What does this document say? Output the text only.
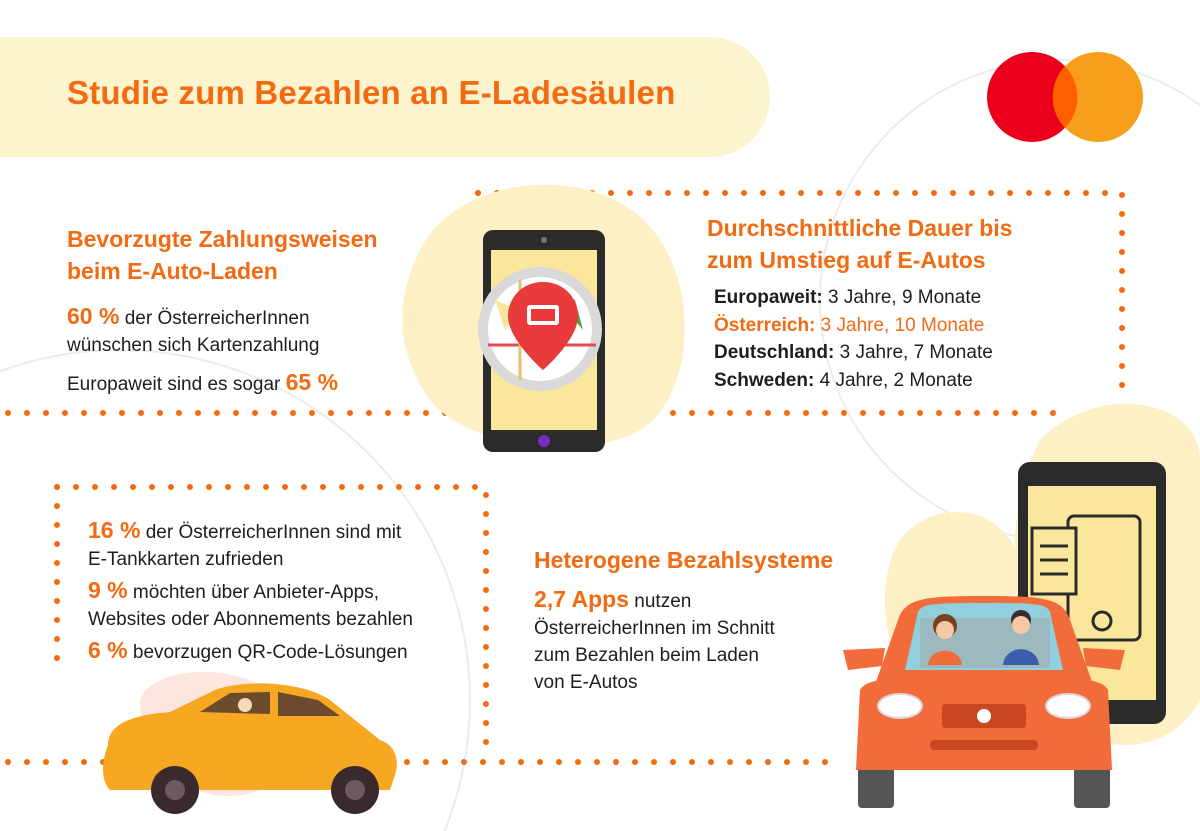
Studie zum Bezahlen an E-Ladesäulen
Bevorzugte Zahlungsweisen
beim E-Auto-Laden
60 % der ÖsterreicherInnen
wünschen sich Kartenzahlung
Europaweit sind es sogar 65 %
Durchschnittliche Dauer bis
zum Umstieg auf E-Autos
Europaweit: 3 Jahre, 9 Monate
Österreich: 3 Jahre, 10 Monate
Deutschland: 3 Jahre, 7 Monate
Schweden: 4 Jahre, 2 Monate
16 % der ÖsterreicherInnen sind mit
E-Tankkarten zufrieden
9 % möchten über Anbieter-Apps,
Websites oder Abonnements bezahlen
6 % bevorzugen QR-Code-Lösungen
Heterogene Bezahlsysteme
2,7 Apps nutzen
ÖsterreicherInnen im Schnitt
zum Bezahlen beim Laden
von E-Autos
